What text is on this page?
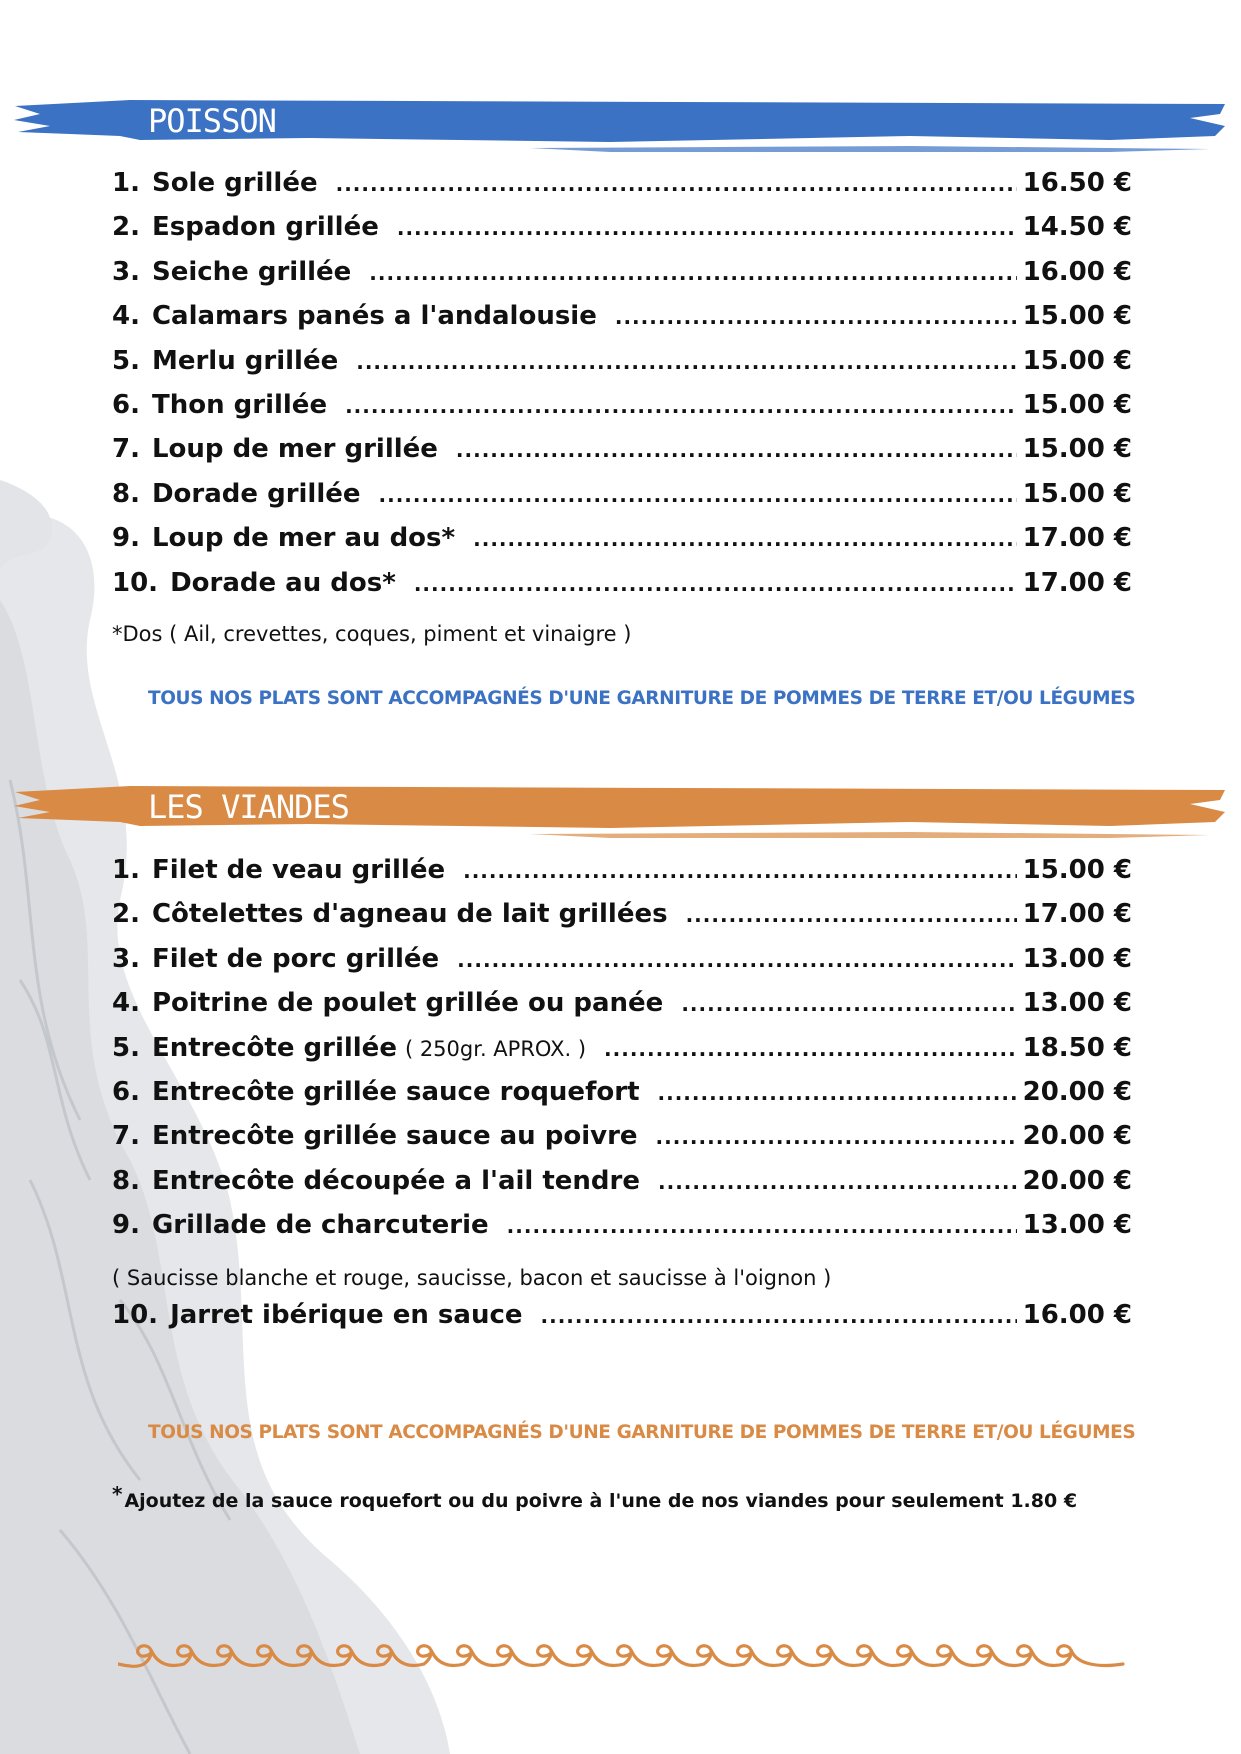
POISSON
1. Sole grillée .....	16.50 €
2. Espadon grillée .....	14.50 €
3. Seiche grillée .....	16.00 €
4. Calamars panés a l'andalousie .....	15.00 €
5. Merlu grillée .....	15.00 €
6. Thon grillée .....	15.00 €
7. Loup de mer grillée .....	15.00 €
8. Dorade grillée .....	15.00 €
9. Loup de mer au dos* .....	17.00 €
10. Dorade au dos* .....	17.00 €
*Dos ( Ail, crevettes, coques, piment et vinaigre )
TOUS NOS PLATS SONT ACCOMPAGNÉS D'UNE GARNITURE DE POMMES DE TERRE ET/OU LÉGUMES
LES VIANDES
1. Filet de veau grillée .....	15.00 €
2. Côtelettes d'agneau de lait grillées .....	17.00 €
3. Filet de porc grillée .....	13.00 €
4. Poitrine de poulet grillée ou panée .....	13.00 €
5. Entrecôte grillée ( 250gr. APROX. ) .....	18.50 €
6. Entrecôte grillée sauce roquefort .....	20.00 €
7. Entrecôte grillée sauce au poivre .....	20.00 €
8. Entrecôte découpée a l'ail tendre .....	20.00 €
9. Grillade de charcuterie .....	13.00 €
( Saucisse blanche et rouge, saucisse, bacon et saucisse à l'oignon )
10. Jarret ibérique en sauce .....	16.00 €
TOUS NOS PLATS SONT ACCOMPAGNÉS D'UNE GARNITURE DE POMMES DE TERRE ET/OU LÉGUMES
* Ajoutez de la sauce roquefort ou du poivre à l'une de nos viandes pour seulement 1.80 €
